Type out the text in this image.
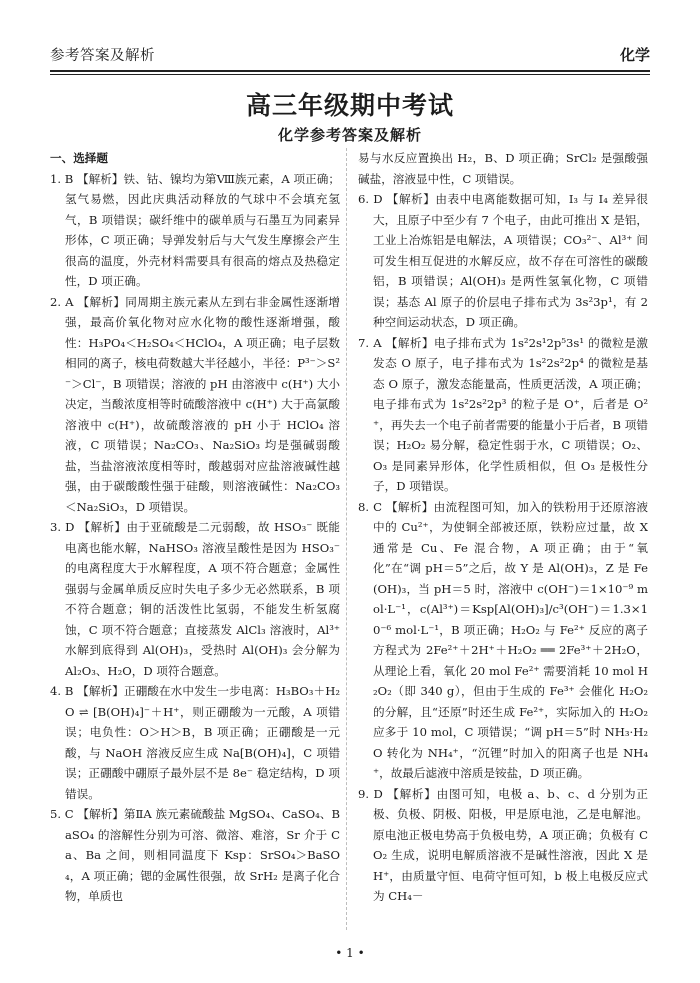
参考答案及解析	化学
高三年级期中考试
化学参考答案及解析

一、选择题

1. B 【解析】铁、钴、镍均为第Ⅷ族元素，A 项正确；氢气易燃，因此庆典活动释放的气球中不会填充氢气，B 项错误；碳纤维中的碳单质与石墨互为同素异形体，C 项正确；导弹发射后与大气发生摩擦会产生很高的温度，外壳材料需要具有很高的熔点及热稳定性，D 项正确。

2. A 【解析】同周期主族元素从左到右非金属性逐渐增强，最高价氧化物对应水化物的酸性逐渐增强，酸性：H₃PO₄＜H₂SO₄＜HClO₄，A 项正确；电子层数相同的离子，核电荷数越大半径越小，半径：P³⁻＞S²⁻＞Cl⁻，B 项错误；溶液的 pH 由溶液中 c(H⁺) 大小决定，当酸浓度相等时硫酸溶液中 c(H⁺) 大于高氯酸溶液中 c(H⁺)，故硫酸溶液的 pH 小于 HClO₄ 溶液，C 项错误；Na₂CO₃、Na₂SiO₃ 均是强碱弱酸盐，当盐溶液浓度相等时，酸越弱对应盐溶液碱性越强，由于碳酸酸性强于硅酸，则溶液碱性：Na₂CO₃＜Na₂SiO₃，D 项错误。

3. D 【解析】由于亚硫酸是二元弱酸，故 HSO₃⁻ 既能电离也能水解，NaHSO₃ 溶液呈酸性是因为 HSO₃⁻ 的电离程度大于水解程度，A 项不符合题意；金属性强弱与金属单质反应时失电子多少无必然联系，B 项不符合题意；铜的活泼性比氢弱，不能发生析氢腐蚀，C 项不符合题意；直接蒸发 AlCl₃ 溶液时，Al³⁺ 水解到底得到 Al(OH)₃，受热时 Al(OH)₃ 会分解为 Al₂O₃、H₂O，D 项符合题意。

4. B 【解析】正硼酸在水中发生一步电离：H₃BO₃＋H₂O ⇌ [B(OH)₄]⁻＋H⁺，则正硼酸为一元酸，A 项错误；电负性：O＞H＞B，B 项正确；正硼酸是一元酸，与 NaOH 溶液反应生成 Na[B(OH)₄]，C 项错误；正硼酸中硼原子最外层不是 8e⁻ 稳定结构，D 项错误。

5. C 【解析】第ⅡA 族元素硫酸盐 MgSO₄、CaSO₄、BaSO₄ 的溶解性分别为可溶、微溶、难溶，Sr 介于 Ca、Ba 之间，则相同温度下 Ksp：SrSO₄＞BaSO₄，A 项正确；锶的金属性很强，故 SrH₂ 是离子化合物，单质也

易与水反应置换出 H₂，B、D 项正确；SrCl₂ 是强酸强碱盐，溶液显中性，C 项错误。

6. D 【解析】由表中电离能数据可知，I₃ 与 I₄ 差异很大，且原子中至少有 7 个电子，由此可推出 X 是铝，工业上冶炼铝是电解法，A 项错误；CO₃²⁻、Al³⁺ 间可发生相互促进的水解反应，故不存在可溶性的碳酸铝，B 项错误；Al(OH)₃ 是两性氢氧化物，C 项错误；基态 Al 原子的价层电子排布式为 3s²3p¹，有 2 种空间运动状态，D 项正确。

7. A 【解析】电子排布式为 1s²2s¹2p⁵3s¹ 的微粒是激发态 O 原子，电子排布式为 1s²2s²2p⁴ 的微粒是基态 O 原子，激发态能量高，性质更活泼，A 项正确；电子排布式为 1s²2s²2p³ 的粒子是 O⁺，后者是 O²⁺，再失去一个电子前者需要的能量小于后者，B 项错误；H₂O₂ 易分解，稳定性弱于水，C 项错误；O₂、O₃ 是同素异形体，化学性质相似，但 O₃ 是极性分子，D 项错误。

8. C 【解析】由流程图可知，加入的铁粉用于还原溶液中的 Cu²⁺，为使铜全部被还原，铁粉应过量，故 X 通常是 Cu、Fe 混合物，A 项正确；由于“氧化”在“调 pH＝5”之后，故 Y 是 Al(OH)₃，Z 是 Fe(OH)₃，当 pH＝5 时，溶液中 c(OH⁻)＝1×10⁻⁹ mol·L⁻¹，c(Al³⁺)＝Ksp[Al(OH)₃]/c³(OH⁻)＝1.3×10⁻⁶ mol·L⁻¹，B 项正确；H₂O₂ 与 Fe²⁺ 反应的离子方程式为 2Fe²⁺＋2H⁺＋H₂O₂ ══ 2Fe³⁺＋2H₂O，从理论上看，氧化 20 mol Fe²⁺ 需要消耗 10 mol H₂O₂（即 340 g），但由于生成的 Fe³⁺ 会催化 H₂O₂ 的分解，且“还原”时还生成 Fe²⁺，实际加入的 H₂O₂ 应多于 10 mol，C 项错误；“调 pH＝5”时 NH₃·H₂O 转化为 NH₄⁺，“沉锂”时加入的阳离子也是 NH₄⁺，故最后滤液中溶质是铵盐，D 项正确。

9. D 【解析】由图可知，电极 a、b、c、d 分别为正极、负极、阴极、阳极，甲是原电池，乙是电解池。原电池正极电势高于负极电势，A 项正确；负极有 CO₂ 生成，说明电解质溶液不是碱性溶液，因此 X 是 H⁺，由质量守恒、电荷守恒可知，b 极上电极反应式为 CH₄－

• 1 •
